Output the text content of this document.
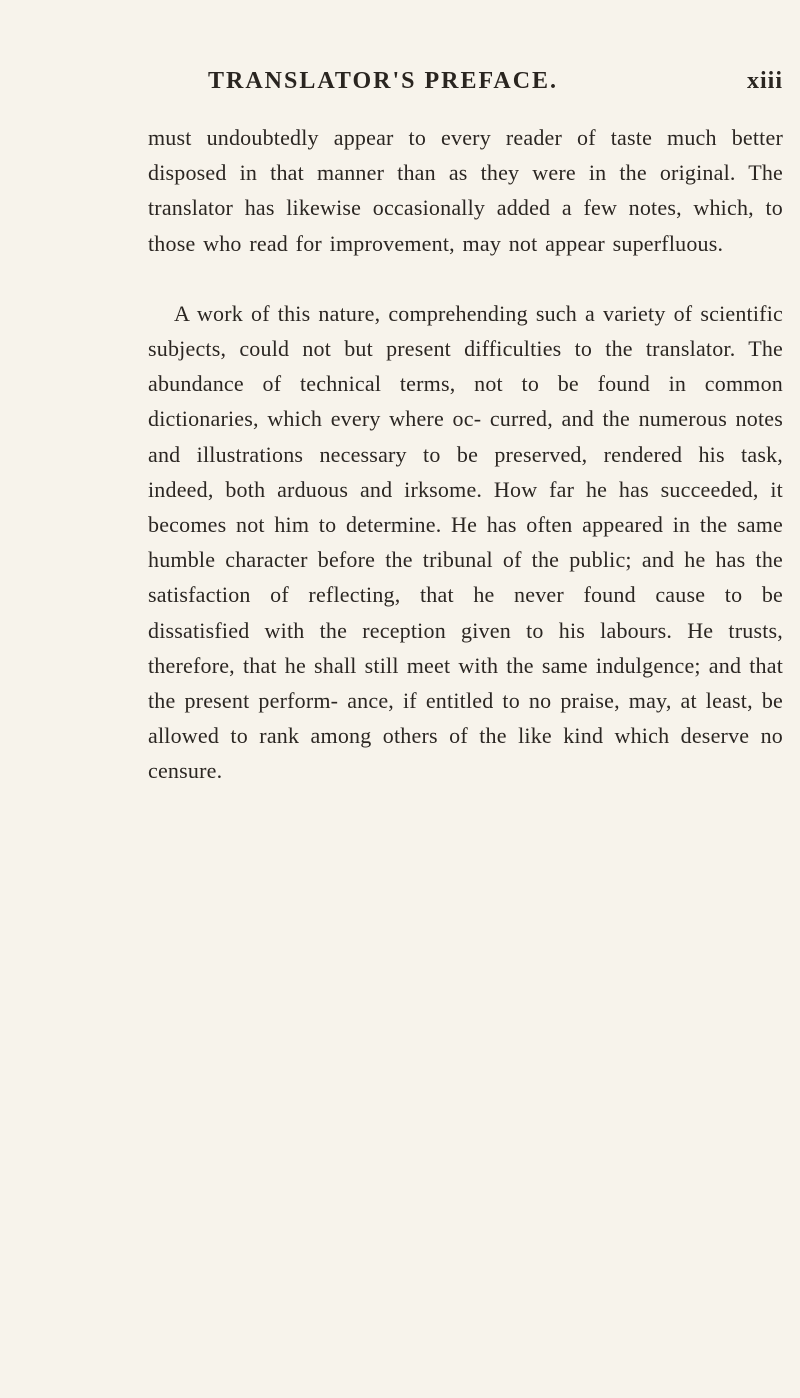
TRANSLATOR'S PREFACE.	xiii

must undoubtedly appear to every reader of taste much better disposed in that manner than as they were in the original. The translator has likewise occasionally added a few notes, which, to those who read for improvement, may not appear superfluous.

A work of this nature, comprehending such a variety of scientific subjects, could not but present difficulties to the translator. The abundance of technical terms, not to be found in common dictionaries, which every where oc- curred, and the numerous notes and illustrations necessary to be preserved, rendered his task, indeed, both arduous and irksome. How far he has succeeded, it becomes not him to determine. He has often appeared in the same humble character before the tribunal of the public; and he has the satisfaction of reflecting, that he never found cause to be dissatisfied with the reception given to his labours. He trusts, therefore, that he shall still meet with the same indulgence; and that the present perform- ance, if entitled to no praise, may, at least, be allowed to rank among others of the like kind which deserve no censure.
